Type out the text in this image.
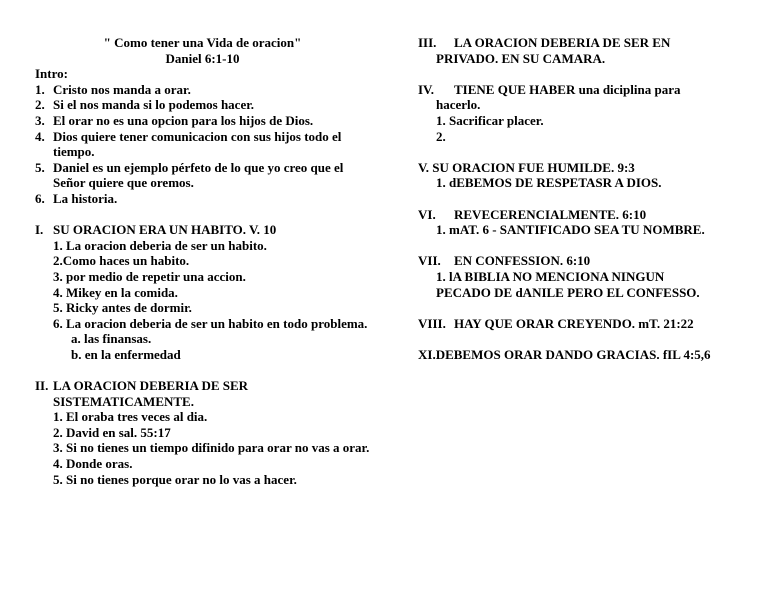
" Como tener una Vida de oracion"
Daniel 6:1-10
Intro:
1. Cristo nos manda a orar.
2. Si el nos manda si lo podemos hacer.
3. El orar no es una opcion para los hijos de Dios.
4. Dios quiere tener comunicacion con sus hijos todo el tiempo.
5. Daniel es un ejemplo pérfeto de lo que yo creo que el Señor quiere que oremos.
6. La historia.
I. SU ORACION ERA UN HABITO. V. 10
1. La oracion deberia de ser un habito.
2.Como haces un habito.
3. por medio de repetir una accion.
4. Mikey en la comida.
5. Ricky antes de dormir.
6. La oracion deberia de ser un habito en todo problema.
a. las finansas.
b. en la enfermedad
II. LA ORACION DEBERIA DE SER SISTEMATICAMENTE.
1. El oraba tres veces al dia.
2. David en sal. 55:17
3. Si no tienes un tiempo difinido para orar no vas a orar.
4. Donde oras.
5. Si no tienes porque orar no lo vas a hacer.
III.	LA ORACION DEBERIA DE SER EN
PRIVADO. EN SU CAMARA.
IV.	TIENE QUE HABER una diciplina para
hacerlo.
1. Sacrificar placer.
2.
V. SU ORACION FUE HUMILDE. 9:3
1. dEBEMOS DE RESPETASR A DIOS.
VI.	REVECERENCIALMENTE. 6:10
1. mAT. 6 - SANTIFICADO SEA TU NOMBRE.
VII.	EN CONFESSION. 6:10
1. lA BIBLIA NO MENCIONA NINGUN
PECADO DE dANILE PERO EL CONFESSO.
VIII. HAY QUE ORAR CREYENDO. mT. 21:22
XI.DEBEMOS ORAR DANDO GRACIAS. fIL 4:5,6
